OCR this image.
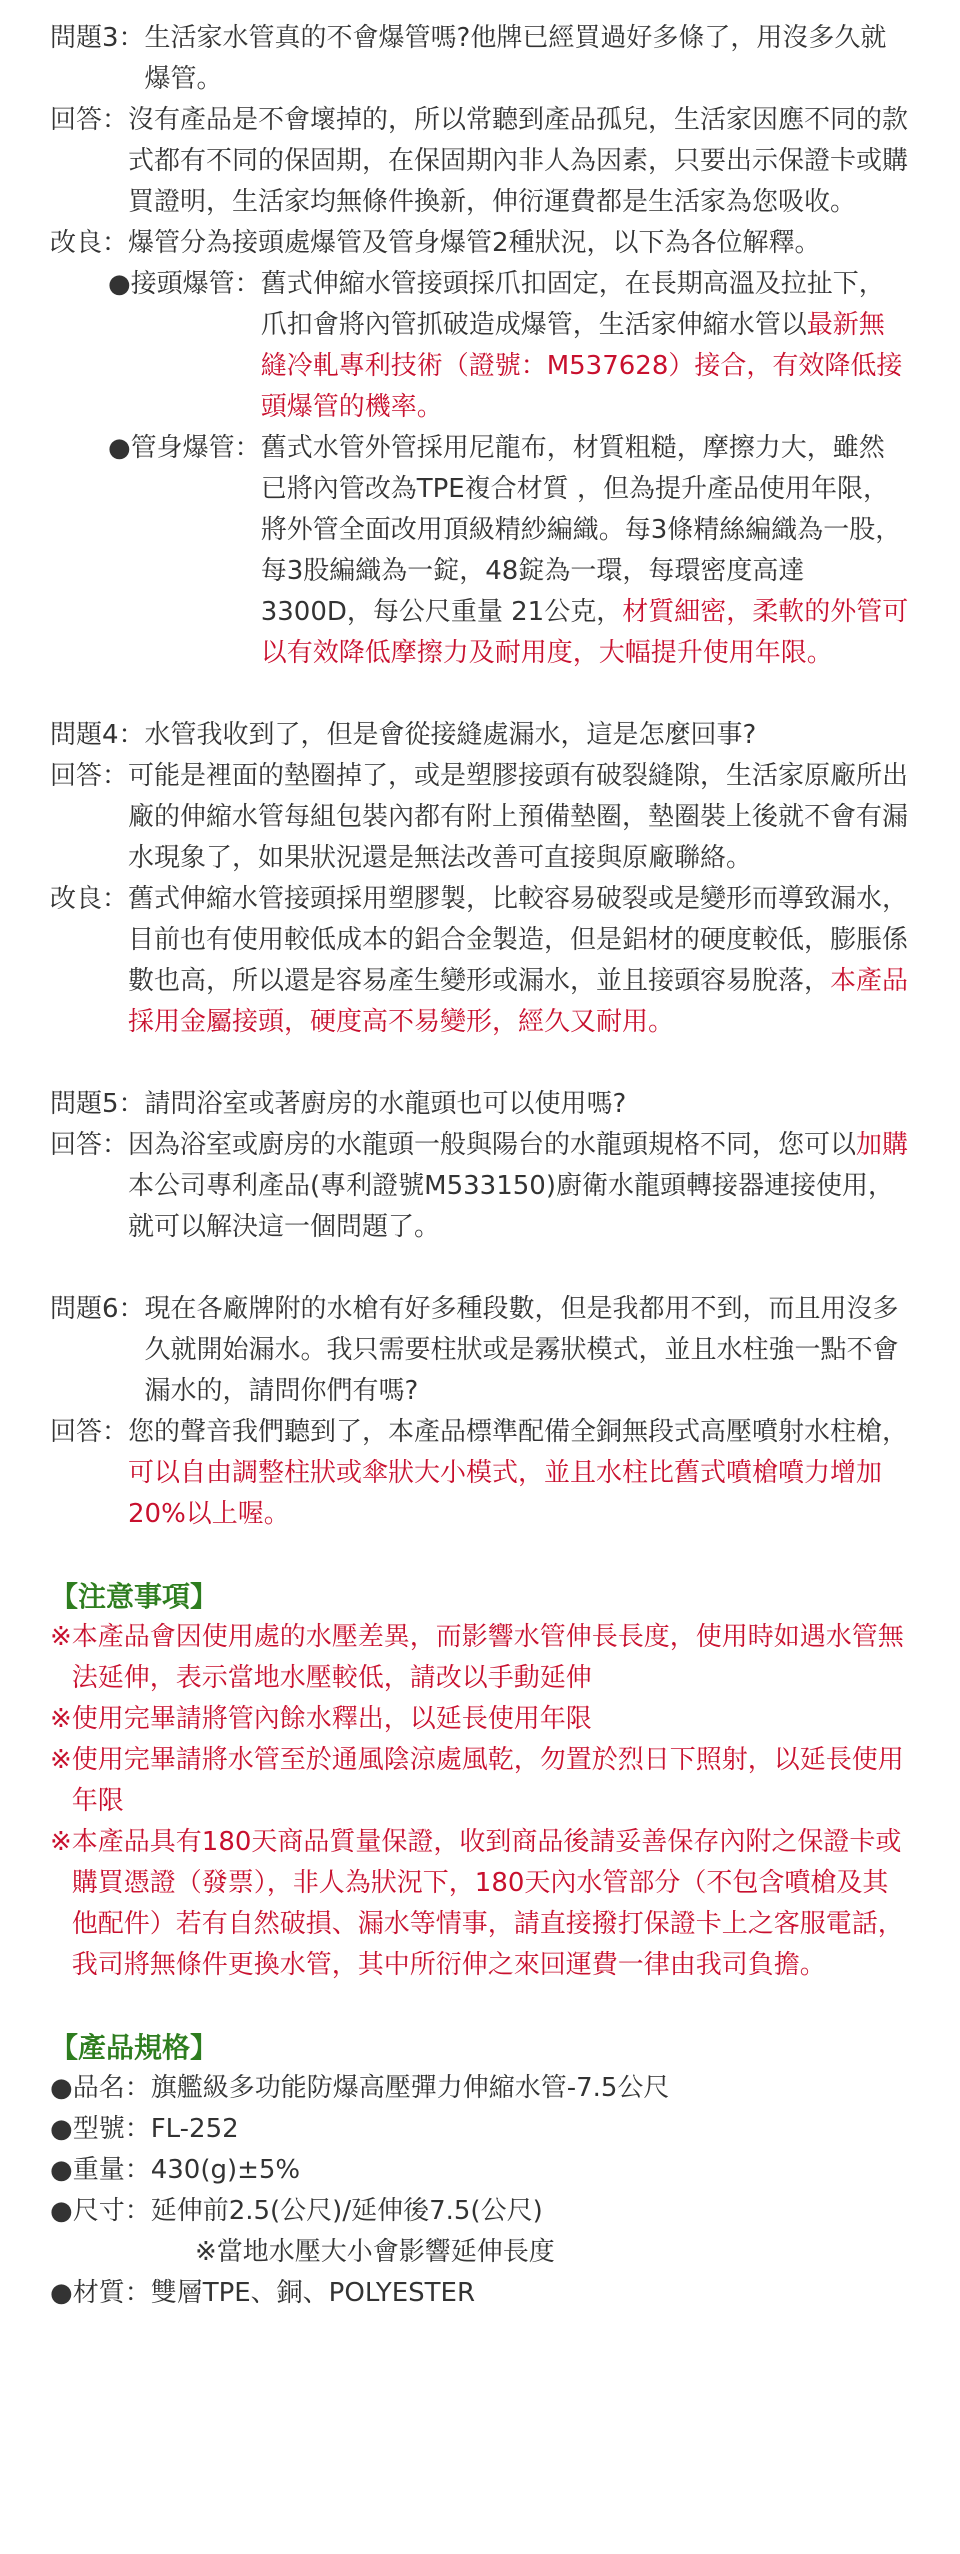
問題3： 生活家水管真的不會爆管嗎?他牌已經買過好多條了，用沒多久就爆管。
回答： 沒有產品是不會壞掉的，所以常聽到產品孤兒，生活家因應不同的款式都有不同的保固期，在保固期內非人為因素，只要出示保證卡或購買證明，生活家均無條件換新，伸衍運費都是生活家為您吸收。
改良： 爆管分為接頭處爆管及管身爆管2種狀況，以下為各位解釋。
●接頭爆管： 舊式伸縮水管接頭採爪扣固定，在長期高溫及拉扯下，爪扣會將內管抓破造成爆管，生活家伸縮水管以最新無縫冷軋專利技術（證號：M537628）接合，有效降低接頭爆管的機率。
●管身爆管： 舊式水管外管採用尼龍布，材質粗糙，摩擦力大，雖然已將內管改為TPE複合材質 ，但為提升產品使用年限，將外管全面改用頂級精紗編織。每3條精絲編織為一股，每3股編織為一錠，48錠為一環，每環密度高達 3300D，每公尺重量 21公克，材質細密，柔軟的外管可以有效降低摩擦力及耐用度，大幅提升使用年限。
問題4： 水管我收到了，但是會從接縫處漏水，這是怎麼回事?
回答： 可能是裡面的墊圈掉了，或是塑膠接頭有破裂縫隙，生活家原廠所出廠的伸縮水管每組包裝內都有附上預備墊圈，墊圈裝上後就不會有漏水現象了，如果狀況還是無法改善可直接與原廠聯絡。
改良： 舊式伸縮水管接頭採用塑膠製，比較容易破裂或是變形而導致漏水，目前也有使用較低成本的鋁合金製造，但是鋁材的硬度較低，膨脹係數也高，所以還是容易產生變形或漏水，並且接頭容易脫落，本產品採用金屬接頭，硬度高不易變形，經久又耐用。
問題5： 請問浴室或著廚房的水龍頭也可以使用嗎?
回答： 因為浴室或廚房的水龍頭一般與陽台的水龍頭規格不同，您可以加購本公司專利產品(專利證號M533150)廚衛水龍頭轉接器連接使用，就可以解決這一個問題了。
問題6： 現在各廠牌附的水槍有好多種段數，但是我都用不到，而且用沒多久就開始漏水。我只需要柱狀或是霧狀模式，並且水柱強一點不會漏水的，請問你們有嗎?
回答： 您的聲音我們聽到了，本產品標準配備全銅無段式高壓噴射水柱槍，可以自由調整柱狀或傘狀大小模式，並且水柱比舊式噴槍噴力增加20%以上喔。
【注意事項】
※ 本產品會因使用處的水壓差異，而影響水管伸長長度，使用時如遇水管無法延伸，表示當地水壓較低，請改以手動延伸
※ 使用完畢請將管內餘水釋出，以延長使用年限
※ 使用完畢請將水管至於通風陰涼處風乾，勿置於烈日下照射，以延長使用年限
※ 本產品具有180天商品質量保證，收到商品後請妥善保存內附之保證卡或購買憑證（發票），非人為狀況下，180天內水管部分（不包含噴槍及其他配件）若有自然破損、漏水等情事，請直接撥打保證卡上之客服電話，我司將無條件更換水管，其中所衍伸之來回運費一律由我司負擔。
【產品規格】
● 品名：旗艦級多功能防爆高壓彈力伸縮水管-7.5公尺
● 型號：FL-252
● 重量：430(g)±5%
● 尺寸：延伸前2.5(公尺)/延伸後7.5(公尺)
※當地水壓大小會影響延伸長度
● 材質：雙層TPE、銅、POLYESTER
